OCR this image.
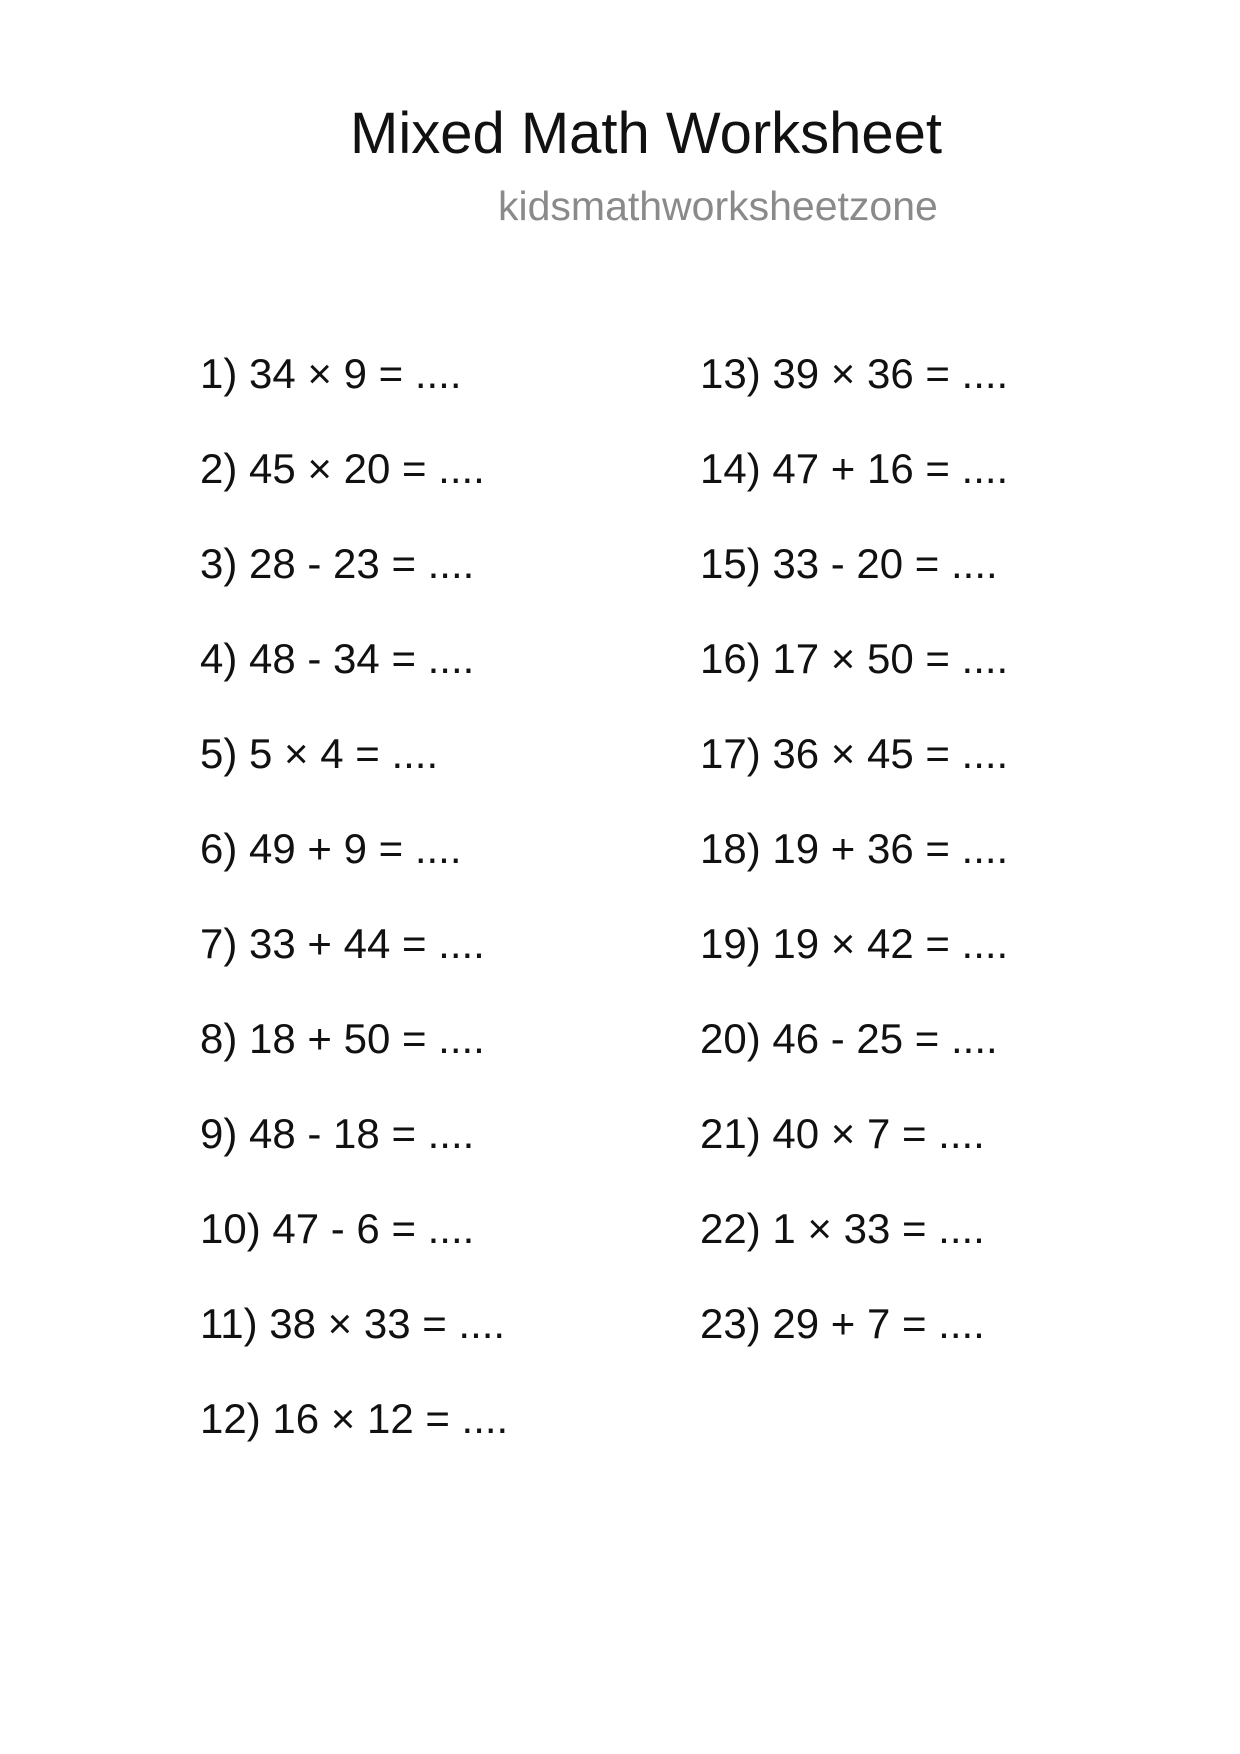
Mixed Math Worksheet
kidsmathworksheetzone
1) 34 × 9 = ....
2) 45 × 20 = ....
3) 28 - 23 = ....
4) 48 - 34 = ....
5) 5 × 4 = ....
6) 49 + 9 = ....
7) 33 + 44 = ....
8) 18 + 50 = ....
9) 48 - 18 = ....
10) 47 - 6 = ....
11) 38 × 33 = ....
12) 16 × 12 = ....
13) 39 × 36 = ....
14) 47 + 16 = ....
15) 33 - 20 = ....
16) 17 × 50 = ....
17) 36 × 45 = ....
18) 19 + 36 = ....
19) 19 × 42 = ....
20) 46 - 25 = ....
21) 40 × 7 = ....
22) 1 × 33 = ....
23) 29 + 7 = ....
